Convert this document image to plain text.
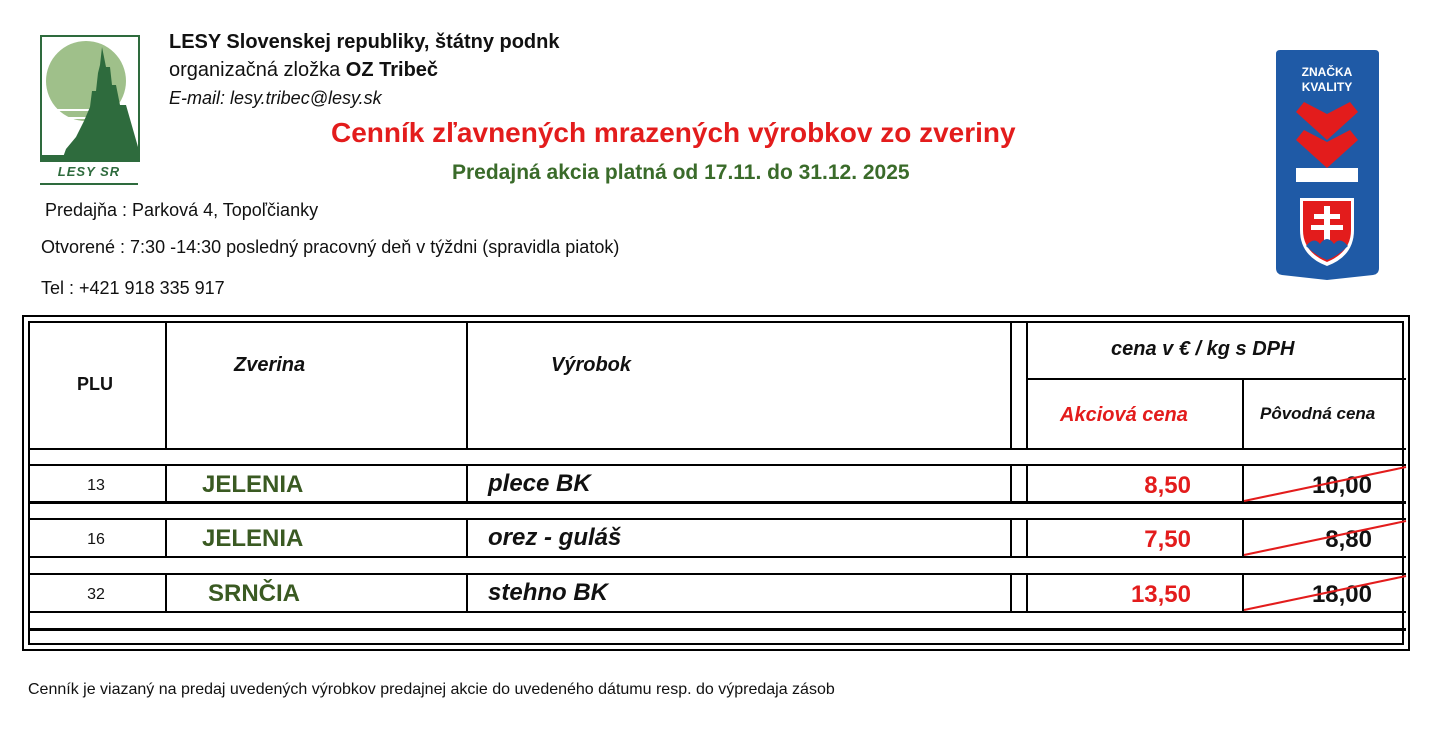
LESY SR
LESY Slovenskej republiky, štátny podnk
organizačná zložka OZ Tribeč
E-mail: lesy.tribec@lesy.sk
Cenník zľavnených mrazených výrobkov zo zveriny
Predajná akcia platná od 17.11. do 31.12. 2025
Predajňa : Parková 4, Topoľčianky
Otvorené : 7:30 -14:30 posledný pracovný deň v týždni (spravidla piatok)
Tel : +421 918 335 917
ZNAČKA
KVALITY
PLU
Zverina	Výrobok
cena v € / kg s DPH
Akciová cena	Pôvodná cena
13	JELENIA	plece BK	8,50	10,00
16	JELENIA	orez - guláš	7,50	8,80
32	SRNČIA	stehno BK	13,50	18,00
Cenník je viazaný na predaj uvedených výrobkov predajnej akcie do uvedeného dátumu resp. do výpredaja zásob
